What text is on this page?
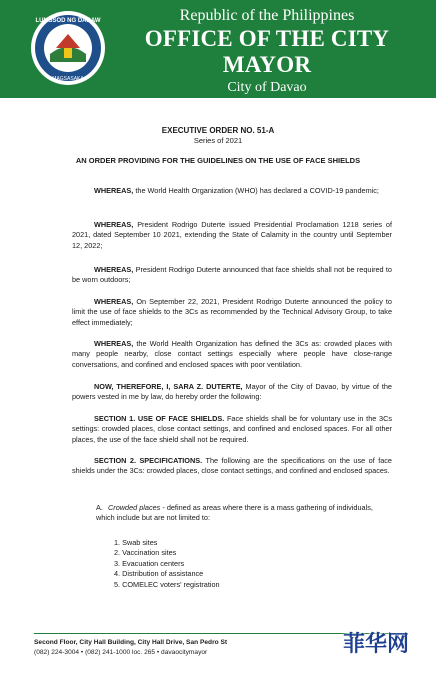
LUNGSOD NG DABAW
MAGSASAKA
Republic of the Philippines
OFFICE OF THE CITY MAYOR
City of Davao
EXECUTIVE ORDER NO. 51-A
Series of 2021
AN ORDER PROVIDING FOR THE GUIDELINES ON THE USE OF FACE SHIELDS
WHEREAS, the World Health Organization (WHO) has declared a COVID-19 pandemic;
WHEREAS, President Rodrigo Duterte issued Presidential Proclamation 1218 series of 2021, dated September 10 2021, extending the State of Calamity in the country until September 12, 2022;
WHEREAS, President Rodrigo Duterte announced that face shields shall not be required to be worn outdoors;
WHEREAS, On September 22, 2021, President Rodrigo Duterte announced the policy to limit the use of face shields to the 3Cs as recommended by the Technical Advisory Group, to take effect immediately;
WHEREAS, the World Health Organization has defined the 3Cs as: crowded places with many people nearby, close contact settings especially where people have close-range conversations, and confined and enclosed spaces with poor ventilation.
NOW, THEREFORE, I, SARA Z. DUTERTE, Mayor of the City of Davao, by virtue of the powers vested in me by law, do hereby order the following:
SECTION 1. USE OF FACE SHIELDS. Face shields shall be for voluntary use in the 3Cs settings: crowded places, close contact settings, and confined and enclosed spaces. For all other places, the use of the face shield shall not be required.
SECTION 2. SPECIFICATIONS. The following are the specifications on the use of face shields under the 3Cs: crowded places, close contact settings, and confined and enclosed spaces.
A. Crowded places - defined as areas where there is a mass gathering of individuals, which include but are not limited to:
1. Swab sites
2. Vaccination sites
3. Evacuation centers
4. Distribution of assistance
5. COMELEC voters' registration
Second Floor, City Hall Building, City Hall Drive, San Pedro St
(082) 224-3004 • (082) 241-1000 loc. 265 • davaocitymayor	菲华网
